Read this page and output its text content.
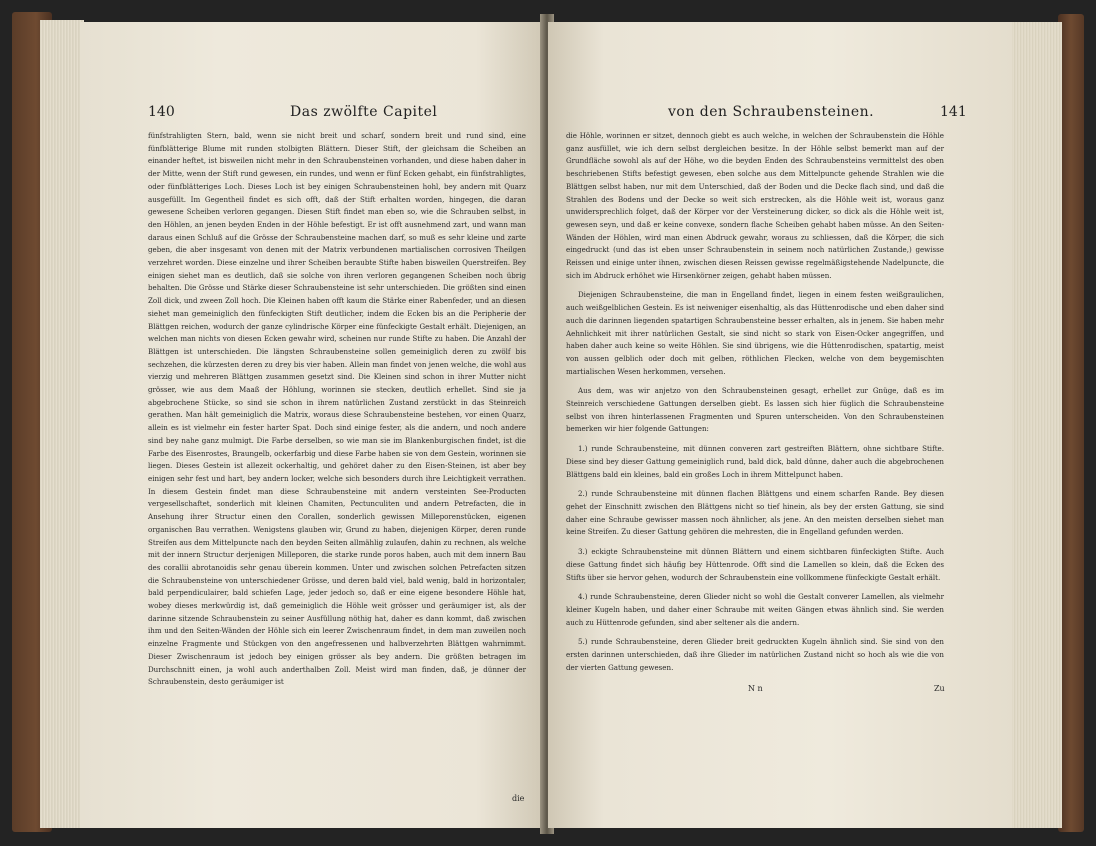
140	Das zwölfte Capitel

fünfstrahligten Stern, bald, wenn sie nicht breit und scharf, sondern breit und rund sind, eine fünfblätterige Blume mit runden stolbigten Blättern. Dieser Stift, der gleichsam die Scheiben an einander heftet, ist bisweilen nicht mehr in den Schraubensteinen vorhanden, und diese haben daher in der Mitte, wenn der Stift rund gewesen, ein rundes, und wenn er fünf Ecken gehabt, ein fünfstrahligtes, oder fünfblätteriges Loch. Dieses Loch ist bey einigen Schraubensteinen hohl, bey andern mit Quarz ausgefüllt. Im Gegentheil findet es sich offt, daß der Stift erhalten worden, hingegen, die daran gewesene Scheiben verloren gegangen. Diesen Stift findet man eben so, wie die Schrauben selbst, in den Höhlen, an jenen beyden Enden in der Höhle befestigt. Er ist offt ausnehmend zart, und wann man daraus einen Schluß auf die Grösse der Schraubensteine machen darf, so muß es sehr kleine und zarte geben, die aber insgesamt von denen mit der Matrix verbundenen martialischen corrosiven Theilgen verzehret worden. Diese einzelne und ihrer Scheiben beraubte Stifte haben bisweilen Querstreifen. Bey einigen siehet man es deutlich, daß sie solche von ihren verloren gegangenen Scheiben noch übrig behalten. Die Grösse und Stärke dieser Schraubensteine ist sehr unterschieden. Die größten sind einen Zoll dick, und zween Zoll hoch. Die Kleinen haben offt kaum die Stärke einer Rabenfeder, und an diesen siehet man gemeiniglich den fünfeckigten Stift deutlicher, indem die Ecken bis an die Peripherie der Blättgen reichen, wodurch der ganze cylindrische Körper eine fünfeckigte Gestalt erhält. Diejenigen, an welchen man nichts von diesen Ecken gewahr wird, scheinen nur runde Stifte zu haben. Die Anzahl der Blättgen ist unterschieden. Die längsten Schraubensteine sollen gemeiniglich deren zu zwölf bis sechzehen, die kürzesten deren zu drey bis vier haben. Allein man findet von jenen welche, die wohl aus vierzig und mehreren Blättgen zusammen gesetzt sind. Die Kleinen sind schon in ihrer Mutter nicht grösser, wie aus dem Maaß der Höhlung, worinnen sie stecken, deutlich erhellet. Sind sie ja abgebrochene Stücke, so sind sie schon in ihrem natürlichen Zustand zerstückt in das Steinreich gerathen. Man hält gemeiniglich die Matrix, woraus diese Schraubensteine bestehen, vor einen Quarz, allein es ist vielmehr ein fester harter Spat. Doch sind einige fester, als die andern, und noch andere sind bey nahe ganz mulmigt. Die Farbe derselben, so wie man sie im Blankenburgischen findet, ist die Farbe des Eisenrostes, Braungelb, ockerfarbig und diese Farbe haben sie von dem Gestein, worinnen sie liegen. Dieses Gestein ist allezeit ockerhaltig, und gehöret daher zu den Eisen-Steinen, ist aber bey einigen sehr fest und hart, bey andern locker, welche sich besonders durch ihre Leichtigkeit verrathen. In diesem Gestein findet man diese Schraubensteine mit andern versteinten See-Producten vergesellschaftet, sonderlich mit kleinen Chamiten, Pectunculiten und andern Petrefacten, die in Ansehung ihrer Structur einen den Corallen, sonderlich gewissen Milleporenstücken, eigenen organischen Bau verrathen. Wenigstens glauben wir, Grund zu haben, diejenigen Körper, deren runde Streifen aus dem Mittelpuncte nach den beyden Seiten allmählig zulaufen, dahin zu rechnen, als welche mit der innern Structur derjenigen Milleporen, die starke runde poros haben, auch mit dem innern Bau des corallii abrotanoidis sehr genau überein kommen. Unter und zwischen solchen Petrefacten sitzen die Schraubensteine von unterschiedener Grösse, und deren bald viel, bald wenig, bald in horizontaler, bald perpendiculairer, bald schiefen Lage, jeder jedoch so, daß er eine eigene besondere Höhle hat, wobey dieses merkwürdig ist, daß gemeiniglich die Höhle weit grösser und geräumiger ist, als der darinne sitzende Schraubenstein zu seiner Ausfüllung nöthig hat, daher es dann kommt, daß zwischen ihm und den Seiten-Wänden der Höhle sich ein leerer Zwischenraum findet, in dem man zuweilen noch einzelne Fragmente und Stückgen von den angefressenen und halbverzehrten Blättgen wahrnimmt. Dieser Zwischenraum ist jedoch bey einigen grösser als bey andern. Die größten betragen im Durchschnitt einen, ja wohl auch anderthalben Zoll. Meist wird man finden, daß, je dünner der Schraubenstein, desto geräumiger ist

die
von den Schraubensteinen.	141

die Höhle, worinnen er sitzet, dennoch giebt es auch welche, in welchen der Schraubenstein die Höhle ganz ausfüllet, wie ich dern selbst dergleichen besitze. In der Höhle selbst bemerkt man auf der Grundfläche sowohl als auf der Höhe, wo die beyden Enden des Schraubensteins vermittelst des oben beschriebenen Stifts befestigt gewesen, eben solche aus dem Mittelpuncte gehende Strahlen wie die Blättgen selbst haben, nur mit dem Unterschied, daß der Boden und die Decke flach sind, und daß die Strahlen des Bodens und der Decke so weit sich erstrecken, als die Höhle weit ist, woraus ganz unwidersprechlich folget, daß der Körper vor der Versteinerung dicker, so dick als die Höhle weit ist, gewesen seyn, und daß er keine convexe, sondern flache Scheiben gehabt haben müsse. An den Seiten-Wänden der Höhlen, wird man einen Abdruck gewahr, woraus zu schliessen, daß die Körper, die sich eingedruckt (und das ist eben unser Schraubenstein in seinem noch natürlichen Zustande,) gewisse Reissen und einige unter ihnen, zwischen diesen Reissen gewisse regelmäßigstehende Nadelpuncte, die sich im Abdruck erhöhet wie Hirsenkörner zeigen, gehabt haben müssen.

Diejenigen Schraubensteine, die man in Engelland findet, liegen in einem festen weißgraulichen, auch weißgelblichen Gestein. Es ist neiweniger eisenhaltig, als das Hüttenrodische und eben daher sind auch die darinnen liegenden spatartigen Schraubensteine besser erhalten, als in jenem. Sie haben mehr Aehnlichkeit mit ihrer natürlichen Gestalt, sie sind nicht so stark von Eisen-Ocker angegriffen, und haben daher auch keine so weite Höhlen. Sie sind übrigens, wie die Hüttenrodischen, spatartig, meist von aussen gelblich oder doch mit gelben, röthlichen Flecken, welche von dem beygemischten martialischen Wesen herkommen, versehen.

Aus dem, was wir anjetzo von den Schraubensteinen gesagt, erhellet zur Gnüge, daß es im Steinreich verschiedene Gattungen derselben giebt. Es lassen sich hier füglich die Schraubensteine selbst von ihren hinterlassenen Fragmenten und Spuren unterscheiden. Von den Schraubensteinen bemerken wir hier folgende Gattungen:

1.) runde Schraubensteine, mit dünnen converen zart gestreiften Blättern, ohne sichtbare Stifte. Diese sind bey dieser Gattung gemeiniglich rund, bald dick, bald dünne, daher auch die abgebrochenen Blättgens bald ein kleines, bald ein großes Loch in ihrem Mittelpunct haben.

2.) runde Schraubensteine mit dünnen flachen Blättgens und einem scharfen Rande. Bey diesen gehet der Einschnitt zwischen den Blättgens nicht so tief hinein, als bey der ersten Gattung, sie sind daher eine Schraube gewisser massen noch ähnlicher, als jene. An den meisten derselben siehet man keine Streifen. Zu dieser Gattung gehören die mehresten, die in Engelland gefunden werden.

3.) eckigte Schraubensteine mit dünnen Blättern und einem sichtbaren fünfeckigten Stifte. Auch diese Gattung findet sich häufig bey Hüttenrode. Offt sind die Lamellen so klein, daß die Ecken des Stifts über sie hervor gehen, wodurch der Schraubenstein eine vollkommene fünfeckigte Gestalt erhält.

4.) runde Schraubensteine, deren Glieder nicht so wohl die Gestalt converer Lamellen, als vielmehr kleiner Kugeln haben, und daher einer Schraube mit weiten Gängen etwas ähnlich sind. Sie werden auch zu Hüttenrode gefunden, sind aber seltener als die andern.

5.) runde Schraubensteine, deren Glieder breit gedruckten Kugeln ähnlich sind. Sie sind von den ersten darinnen unterschieden, daß ihre Glieder im natürlichen Zustand nicht so hoch als wie die von der vierten Gattung gewesen.

N n	Zu
